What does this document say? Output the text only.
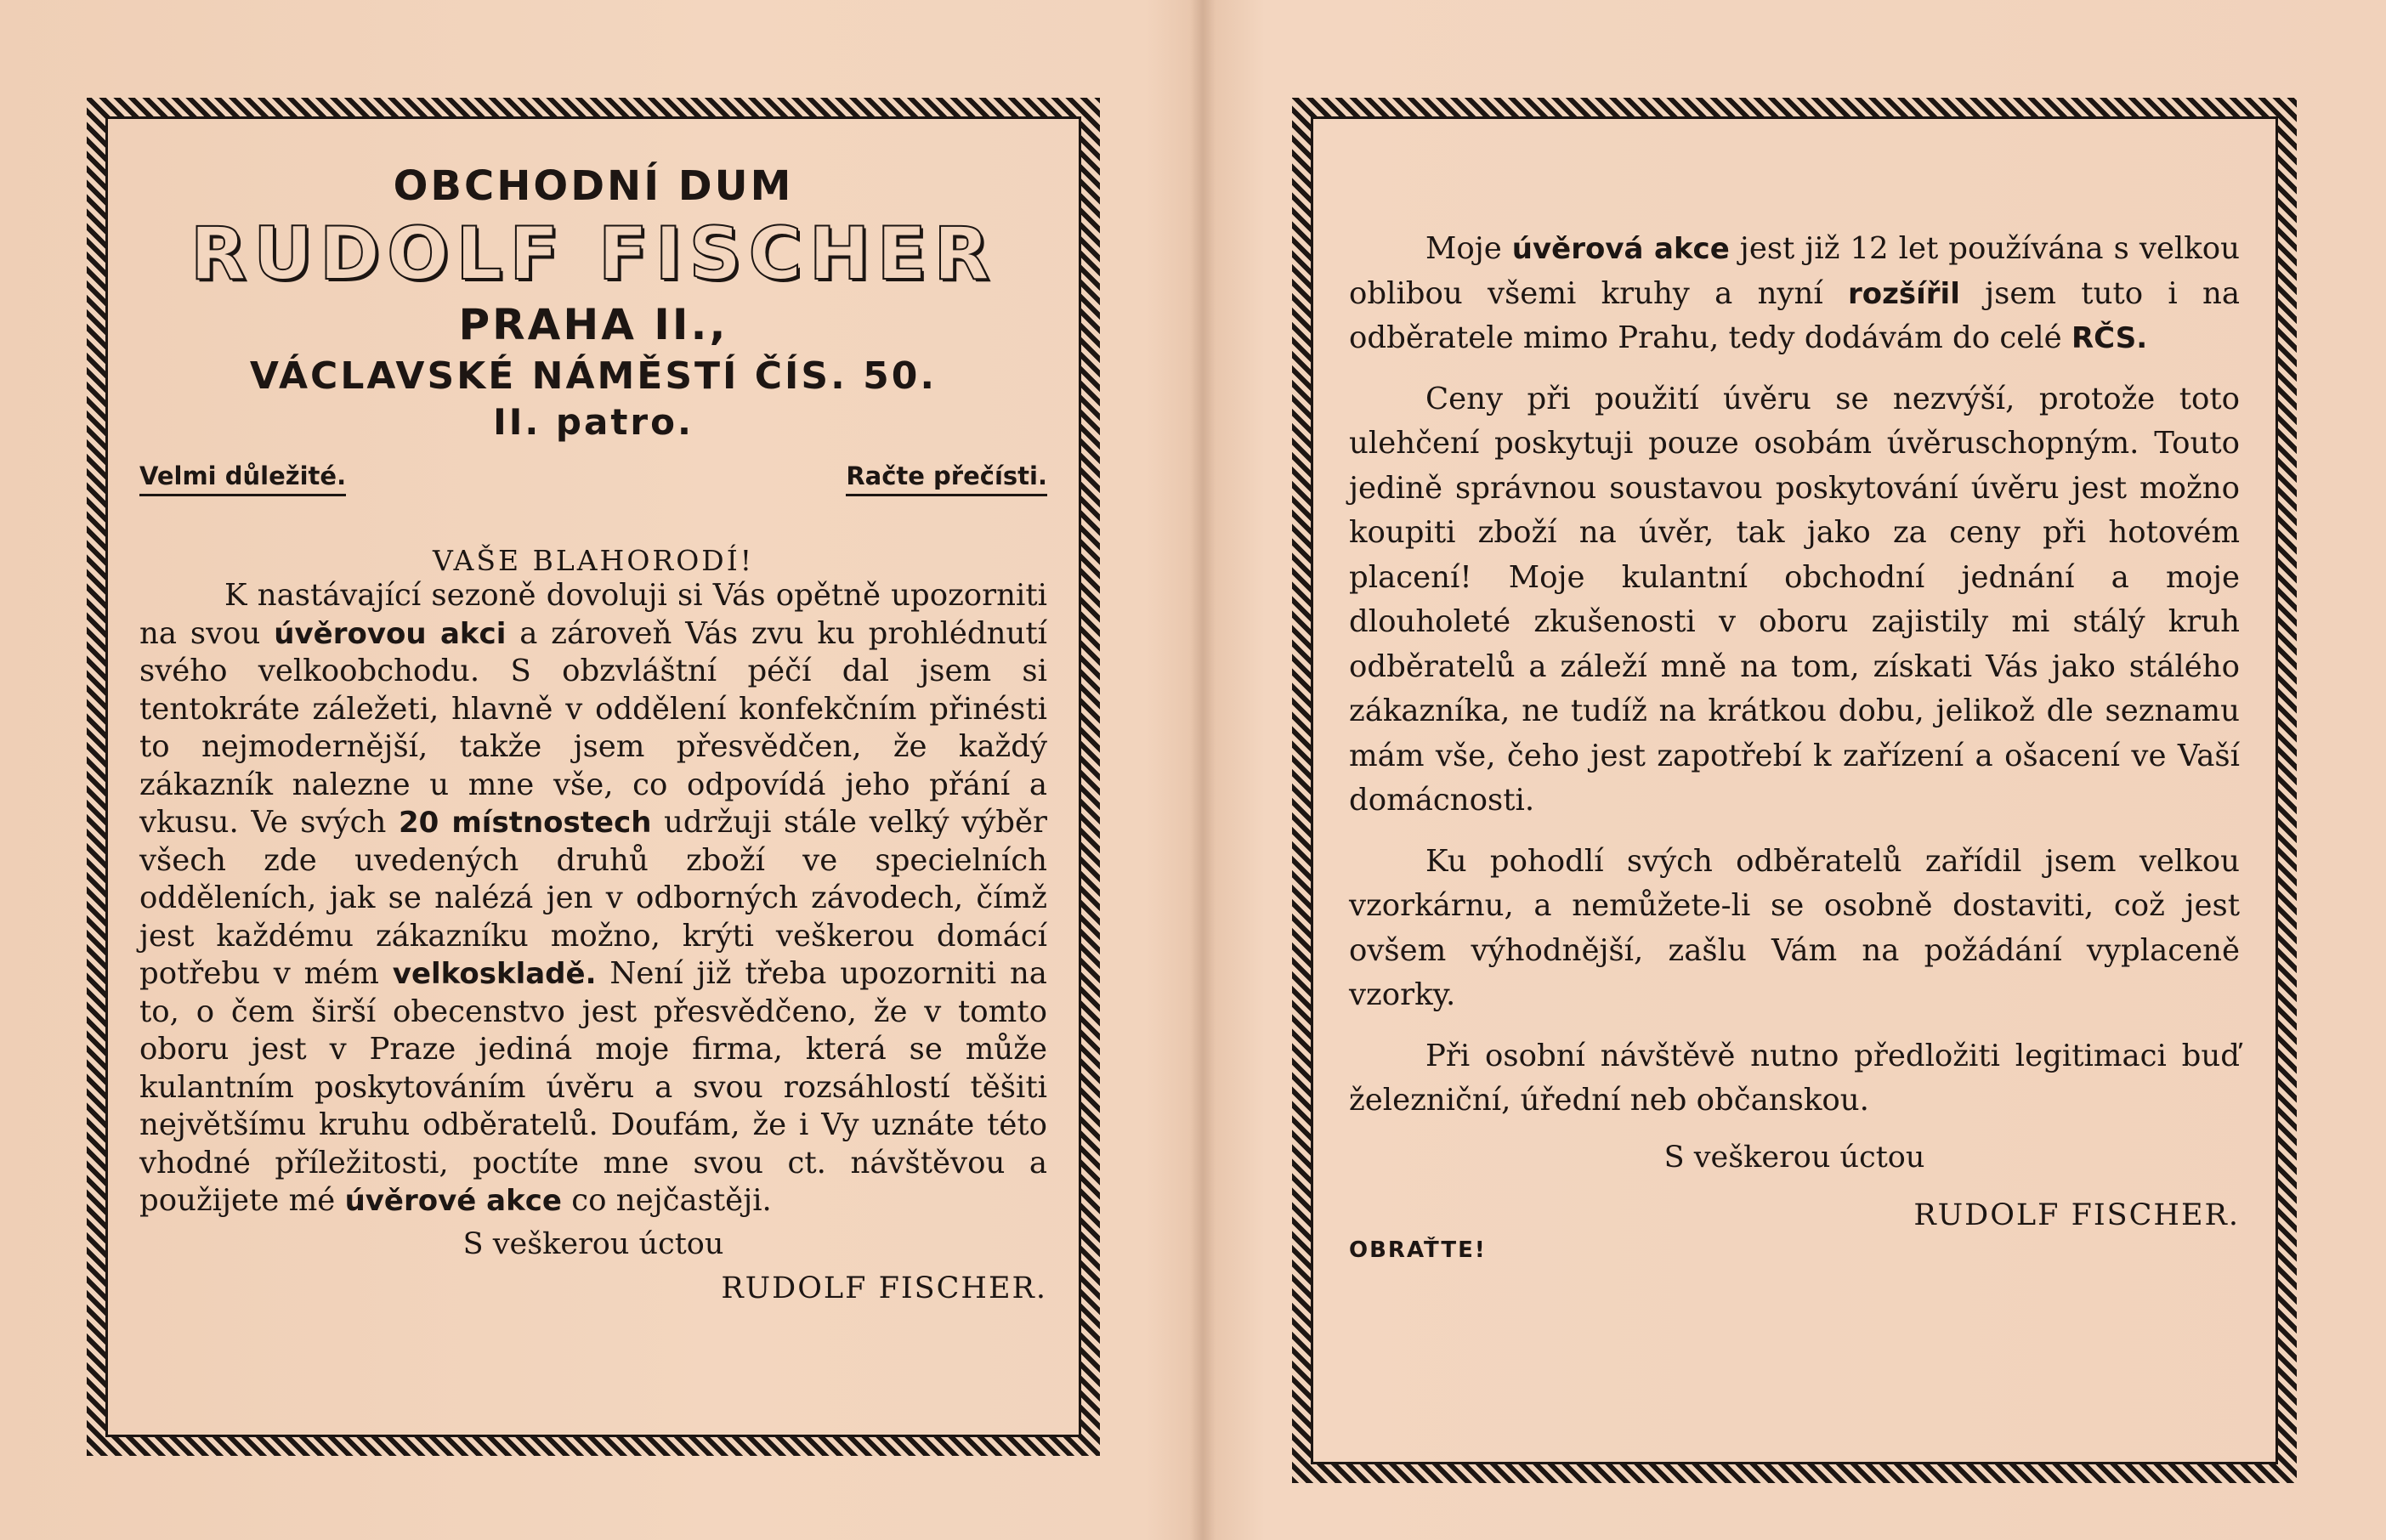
OBCHODNÍ DUM

RUDOLF FISCHER

PRAHA II.,

VÁCLAVSKÉ NÁMĚSTÍ ČÍS. 50.

II. patro.

Velmi důležité.	Račte přečísti.
VAŠE BLAHORODÍ!

K nastávající sezoně dovoluji si Vás opětně upozorniti na svou úvěrovou akci a zároveň Vás zvu ku prohlédnutí svého velkoobchodu. S obzvláštní péčí dal jsem si tentokráte záležeti, hlavně v oddělení konfekčním přinésti to nejmodernější, takže jsem přesvědčen, že každý zákazník nalezne u mne vše, co odpovídá jeho přání a vkusu. Ve svých 20 místnostech udržuji stále velký výběr všech zde uvedených druhů zboží ve specielních odděleních, jak se nalézá jen v odborných závodech, čímž jest každému zákazníku možno, krýti veškerou domácí potřebu v mém velkoskladě. Není již třeba upozorniti na to, o čem širší obecenstvo jest přesvědčeno, že v tomto oboru jest v Praze jediná moje firma, která se může kulantním poskytováním úvěru a svou rozsáhlostí těšiti největšímu kruhu odběratelů. Doufám, že i Vy uznáte této vhodné příležitosti, poctíte mne svou ct. návštěvou a použijete mé úvěrové akce co nejčastěji.

S veškerou úctou
RUDOLF FISCHER.

Moje úvěrová akce jest již 12 let používána s velkou oblibou všemi kruhy a nyní rozšířil jsem tuto i na odběratele mimo Prahu, tedy dodávám do celé RČS.

Ceny při použití úvěru se nezvýší, protože toto ulehčení poskytuji pouze osobám úvěruschopným. Touto jedině správnou soustavou poskytování úvěru jest možno koupiti zboží na úvěr, tak jako za ceny při hotovém placení! Moje kulantní obchodní jednání a moje dlouholeté zkušenosti v oboru zajistily mi stálý kruh odběratelů a záleží mně na tom, získati Vás jako stálého zákazníka, ne tudíž na krátkou dobu, jelikož dle seznamu mám vše, čeho jest zapotřebí k zařízení a ošacení ve Vaší domácnosti.

Ku pohodlí svých odběratelů zařídil jsem velkou vzorkárnu, a nemůžete-li se osobně dostaviti, což jest ovšem výhodnější, zašlu Vám na požádání vyplaceně vzorky.

Při osobní návštěvě nutno předložiti legitimaci buď železniční, úřední neb občanskou.

S veškerou úctou
RUDOLF FISCHER.
OBRAŤTE!
